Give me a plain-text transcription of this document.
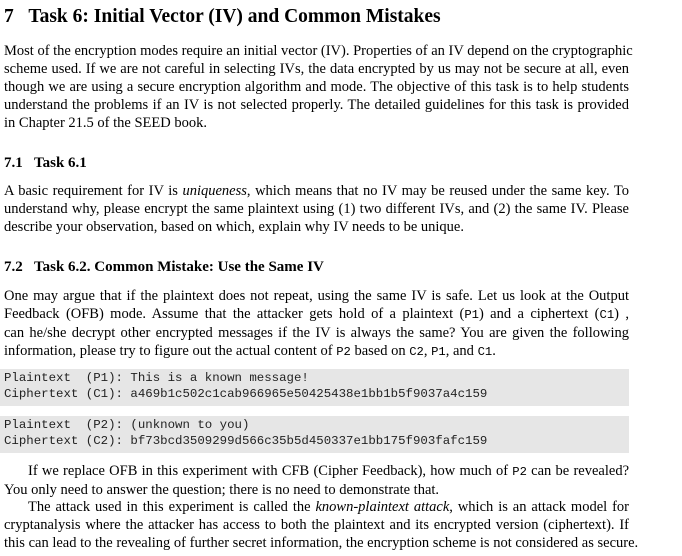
7 Task 6: Initial Vector (IV) and Common Mistakes
Most of the encryption modes require an initial vector (IV). Properties of an IV depend on the cryptographic
scheme used. If we are not careful in selecting IVs, the data encrypted by us may not be secure at all, even
though we are using a secure encryption algorithm and mode. The objective of this task is to help students
understand the problems if an IV is not selected properly. The detailed guidelines for this task is provided
in Chapter 21.5 of the SEED book.
7.1 Task 6.1
A basic requirement for IV is uniqueness, which means that no IV may be reused under the same key. To
understand why, please encrypt the same plaintext using (1) two different IVs, and (2) the same IV. Please
describe your observation, based on which, explain why IV needs to be unique.
7.2 Task 6.2. Common Mistake: Use the Same IV
One may argue that if the plaintext does not repeat, using the same IV is safe. Let us look at the Output
Feedback (OFB) mode. Assume that the attacker gets hold of a plaintext (P1) and a ciphertext (C1) ,
can he/she decrypt other encrypted messages if the IV is always the same? You are given the following
information, please try to figure out the actual content of P2 based on C2, P1, and C1.
Plaintext  (P1): This is a known message!
Ciphertext (C1): a469b1c502c1cab966965e50425438e1bb1b5f9037a4c159
Plaintext  (P2): (unknown to you)
Ciphertext (C2): bf73bcd3509299d566c35b5d450337e1bb175f903fafc159
If we replace OFB in this experiment with CFB (Cipher Feedback), how much of P2 can be revealed?
You only need to answer the question; there is no need to demonstrate that.
The attack used in this experiment is called the known-plaintext attack, which is an attack model for
cryptanalysis where the attacker has access to both the plaintext and its encrypted version (ciphertext). If
this can lead to the revealing of further secret information, the encryption scheme is not considered as secure.
